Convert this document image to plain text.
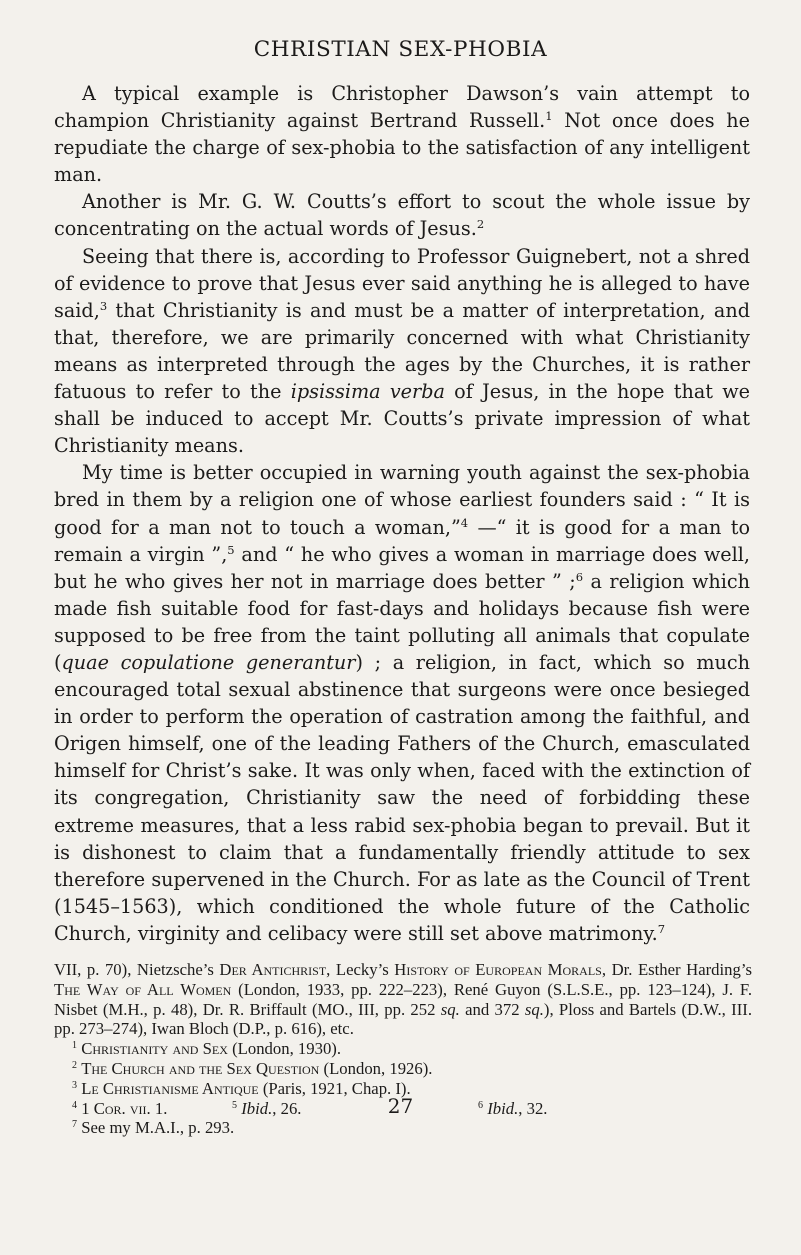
CHRISTIAN SEX-PHOBIA

A typical example is Christopher Dawson’s vain attempt to champion Christianity against Bertrand Russell.$^1$ Not once does he repudiate the charge of sex-phobia to the satisfaction of any intelligent man.

Another is Mr. G. W. Coutts’s effort to scout the whole issue by concentrating on the actual words of Jesus.$^2$

Seeing that there is, according to Professor Guignebert, not a shred of evidence to prove that Jesus ever said anything he is alleged to have said,$^3$ that Christianity is and must be a matter of interpretation, and that, therefore, we are primarily concerned with what Christianity means as interpreted through the ages by the Churches, it is rather fatuous to refer to the ipsissima verba of Jesus, in the hope that we shall be induced to accept Mr. Coutts’s private impression of what Christianity means.

My time is better occupied in warning youth against the sex-phobia bred in them by a religion one of whose earliest founders said : “ It is good for a man not to touch a woman,”$^4$ —“ it is good for a man to remain a virgin ”,$^5$ and “ he who gives a woman in marriage does well, but he who gives her not in marriage does better ” ;$^6$ a religion which made fish suitable food for fast-days and holidays because fish were supposed to be free from the taint polluting all animals that copulate (quae copulatione generantur) ; a religion, in fact, which so much encouraged total sexual abstinence that surgeons were once besieged in order to perform the operation of castration among the faithful, and Origen himself, one of the leading Fathers of the Church, emasculated himself for Christ’s sake. It was only when, faced with the extinction of its congregation, Christianity saw the need of forbidding these extreme measures, that a less rabid sex-phobia began to prevail. But it is dishonest to claim that a fundamentally friendly attitude to sex therefore supervened in the Church. For as late as the Council of Trent (1545–1563), which conditioned the whole future of the Catholic Church, virginity and celibacy were still set above matrimony.$^7$

VII, p. 70), Nietzsche’s Der Antichrist, Lecky’s History of European Morals, Dr. Esther Harding’s The Way of All Women (London, 1933, pp. 222–223), René Guyon (S.L.S.E., pp. 123–124), J. F. Nisbet (M.H., p. 48), Dr. R. Briffault (MO., III, pp. 252 sq. and 372 sq.), Ploss and Bartels (D.W., III. pp. 273–274), Iwan Bloch (D.P., p. 616), etc.

$^1$ Christianity and Sex (London, 1930).

$^2$ The Church and the Sex Question (London, 1926).

$^3$ Le Christianisme Antique (Paris, 1921, Chap. I).

$^4$ 1 Cor. vii. 1.	$^5$ Ibid., 26.	$^6$ Ibid., 32.

$^7$ See my M.A.I., p. 293.

27
